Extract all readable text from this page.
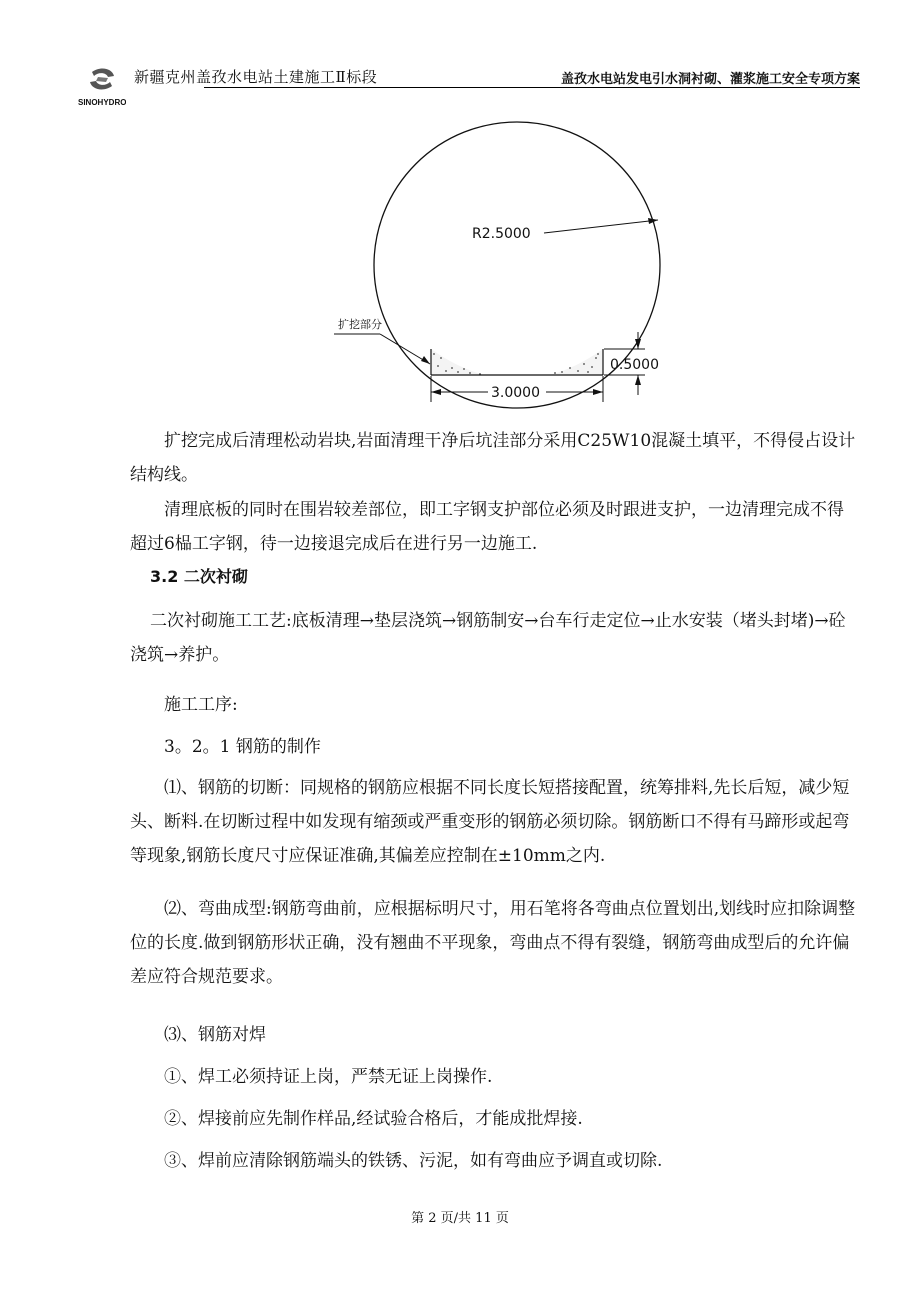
SINOHYDRO
新疆克州盖孜水电站土建施工Ⅱ标段	盖孜水电站发电引水洞衬砌、灌浆施工安全专项方案
R2.5000
扩挖部分
3.0000
0.5000

扩挖完成后清理松动岩块,岩面清理干净后坑洼部分采用C25W10混凝土填平，不得侵占设计结构线。

清理底板的同时在围岩较差部位，即工字钢支护部位必须及时跟进支护，一边清理完成不得超过6榀工字钢，待一边接退完成后在进行另一边施工.

3.2 二次衬砌

二次衬砌施工工艺:底板清理→垫层浇筑→钢筋制安→台车行走定位→止水安装（堵头封堵)→砼浇筑→养护。

施工工序:

3。2。1 钢筋的制作

⑴、钢筋的切断：同规格的钢筋应根据不同长度长短搭接配置，统筹排料,先长后短，减少短头、断料.在切断过程中如发现有缩颈或严重变形的钢筋必须切除。钢筋断口不得有马蹄形或起弯等现象,钢筋长度尺寸应保证准确,其偏差应控制在±10mm之内.

⑵、弯曲成型:钢筋弯曲前，应根据标明尺寸，用石笔将各弯曲点位置划出,划线时应扣除调整位的长度.做到钢筋形状正确，没有翘曲不平现象，弯曲点不得有裂缝，钢筋弯曲成型后的允许偏差应符合规范要求。

⑶、钢筋对焊

①、焊工必须持证上岗，严禁无证上岗操作.

②、焊接前应先制作样品,经试验合格后，才能成批焊接.

③、焊前应清除钢筋端头的铁锈、污泥，如有弯曲应予调直或切除.

第 2 页/共 11 页
